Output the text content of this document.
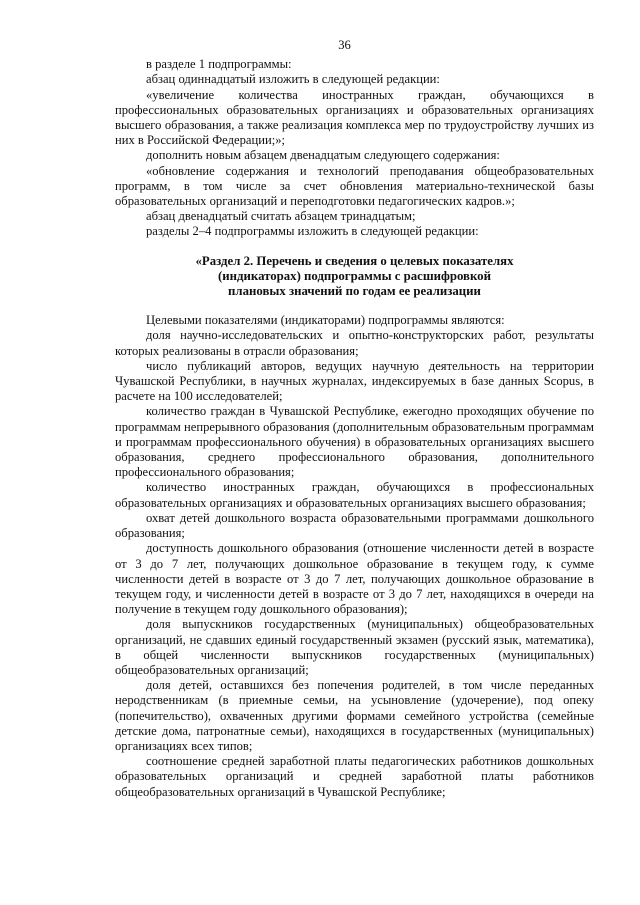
36

в разделе 1 подпрограммы:

абзац одиннадцатый изложить в следующей редакции:

«увеличение количества иностранных граждан, обучающихся в профессиональных образовательных организациях и образовательных организациях высшего образования, а также реализация комплекса мер по трудоустройству лучших из них в Российской Федерации;»;

дополнить новым абзацем двенадцатым следующего содержания:

«обновление содержания и технологий преподавания общеобразовательных программ, в том числе за счет обновления материально-технической базы образовательных организаций и переподготовки педагогических кадров.»;

абзац двенадцатый считать абзацем тринадцатым;

разделы 2–4 подпрограммы изложить в следующей редакции:

«Раздел 2. Перечень и сведения о целевых показателях
(индикаторах) подпрограммы с расшифровкой
плановых значений по годам ее реализации

Целевыми показателями (индикаторами) подпрограммы являются:

доля научно-исследовательских и опытно-конструкторских работ, результаты которых реализованы в отрасли образования;

число публикаций авторов, ведущих научную деятельность на территории Чувашской Республики, в научных журналах, индексируемых в базе данных Scopus, в расчете на 100 исследователей;

количество граждан в Чувашской Республике, ежегодно проходящих обучение по программам непрерывного образования (дополнительным образовательным программам и программам профессионального обучения) в образовательных организациях высшего образования, среднего профессионального образования, дополнительного профессионального образования;

количество иностранных граждан, обучающихся в профессиональных образовательных организациях и образовательных организациях высшего образования;

охват детей дошкольного возраста образовательными программами дошкольного образования;

доступность дошкольного образования (отношение численности детей в возрасте от 3 до 7 лет, получающих дошкольное образование в текущем году, к сумме численности детей в возрасте от 3 до 7 лет, получающих дошкольное образование в текущем году, и численности детей в возрасте от 3 до 7 лет, находящихся в очереди на получение в текущем году дошкольного образования);

доля выпускников государственных (муниципальных) общеобразовательных организаций, не сдавших единый государственный экзамен (русский язык, математика), в общей численности выпускников государственных (муниципальных) общеобразовательных организаций;

доля детей, оставшихся без попечения родителей, в том числе переданных неродственникам (в приемные семьи, на усыновление (удочерение), под опеку (попечительство), охваченных другими формами семейного устройства (семейные детские дома, патронатные семьи), находящихся в государственных (муниципальных) организациях всех типов;

соотношение средней заработной платы педагогических работников дошкольных образовательных организаций и средней заработной платы работников общеобразовательных организаций в Чувашской Республике;
